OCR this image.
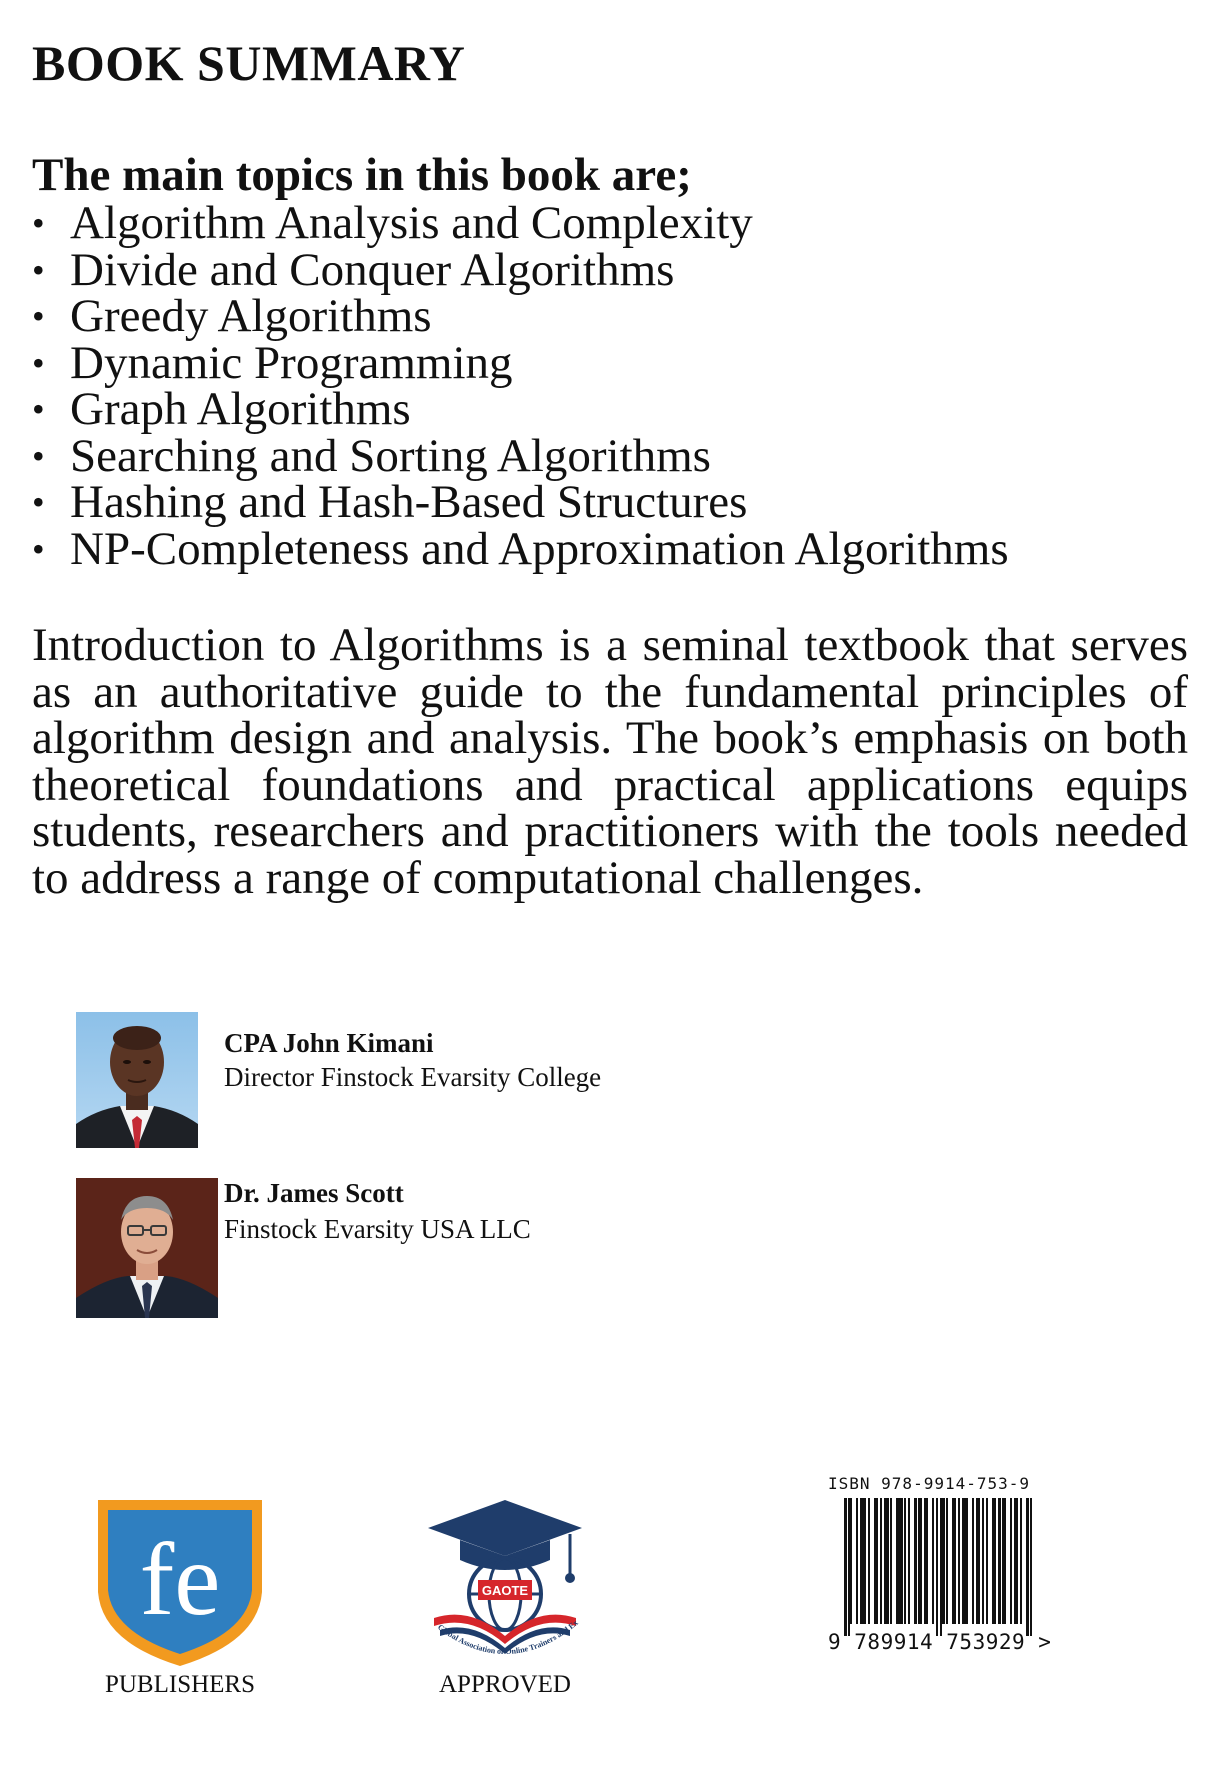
BOOK SUMMARY
The main topics in this book are;
• Algorithm Analysis and Complexity
• Divide and Conquer Algorithms
• Greedy Algorithms
• Dynamic Programming
• Graph Algorithms
• Searching and Sorting Algorithms
• Hashing and Hash-Based Structures
• NP-Completeness and Approximation Algorithms

Introduction to Algorithms is a seminal textbook that serves as an authoritative guide to the fundamental principles of algorithm design and analysis. The book’s emphasis on both theoretical foundations and practical applications equips students, researchers and practitioners with the tools needed to address a range of computational challenges.

CPA John Kimani
Director Finstock Evarsity College
Dr. James Scott
Finstock Evarsity USA LLC
fe
PUBLISHERS
GAOTE
Global Association of Online Trainers and Ex
APPROVED
ISBN 978-9914-753-9
9 789914 753929 >
